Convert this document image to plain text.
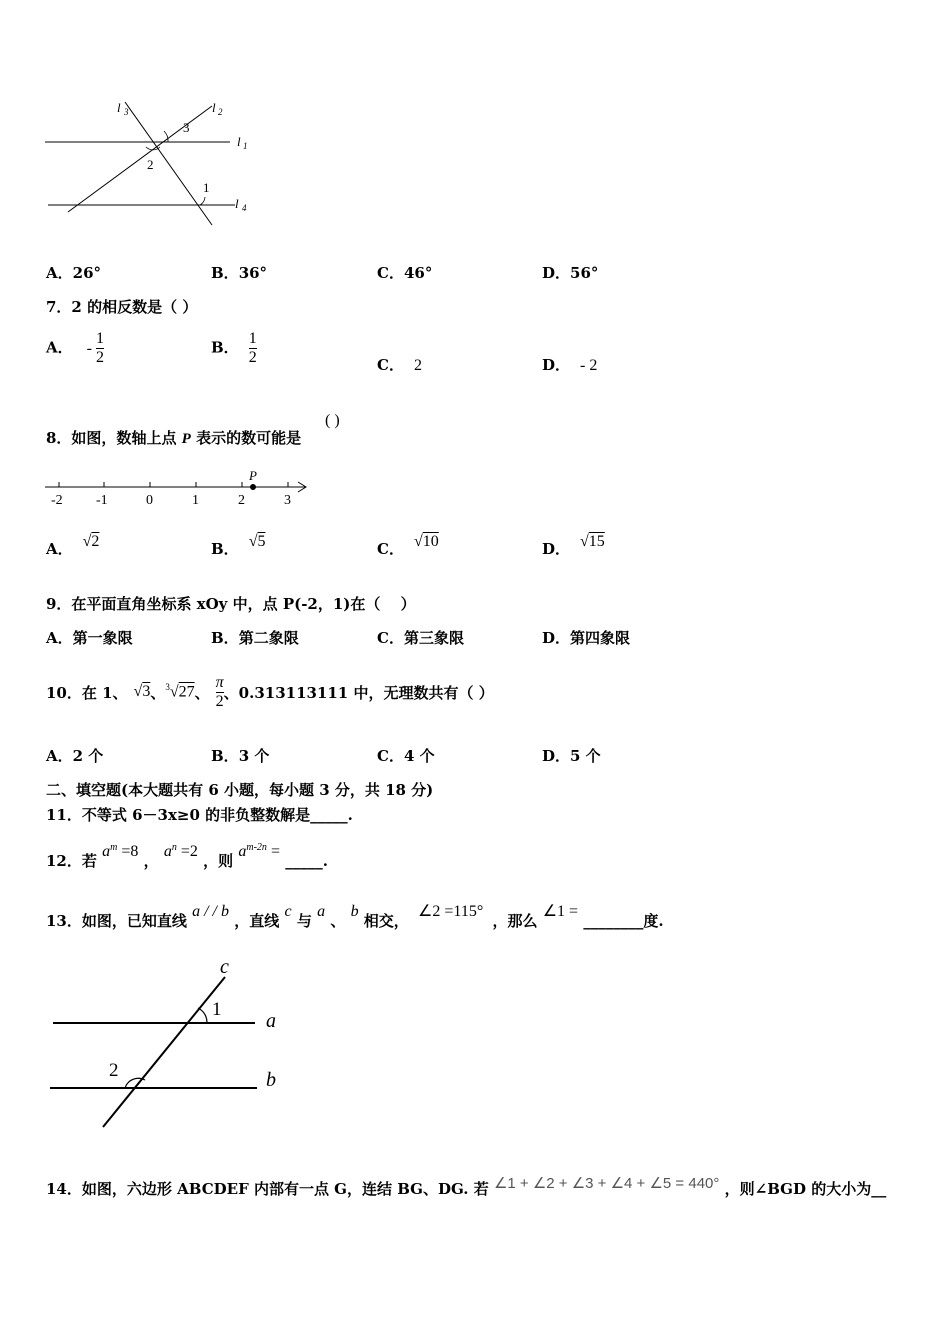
l 3	l 2
l 1
l 4
3
2
1
A．26°	B．36°	C．46°	D．56°
7．2 的相反数是（ ）
A． - $\frac{1}{2}$	B． $\frac{1}{2}$	C． 2	D． - 2
8．如图，数轴上点 P 表示的数可能是
( )
-2 -1	0	1	2	3
P
A． √2	B． √5	C． √10	D． √15
9．在平面直角坐标系 xOy 中，点 P(-2，1)在（　 ）
A．第一象限	B．第二象限	C．第三象限	D．第四象限
10．在 1、 √3 、 $^3$√27 、 $\frac{\pi}{2}$ 、0.313113111 中，无理数共有（ ）
A．2 个	B．3 个	C．4 个	D．5 个
二、填空题(本大题共有 6 小题，每小题 3 分，共 18 分)
11．不等式 6－3x≥0 的非负整数解是_____.
12．若 $a^m =8$ ， $a^n =2$ ，则 $a^{m-2n}$ = _____.
13．如图，已知直线 a / / b ，直线 c 与 a 、 b 相交， ∠2 =115° ，那么 ∠1 = ________度.
c
a
b
1
2
14．如图，六边形 ABCDEF 内部有一点 G，连结 BG、DG. 若 ∠1 + ∠2 + ∠3 + ∠4 + ∠5 = 440° ，则∠BGD 的大小为__
